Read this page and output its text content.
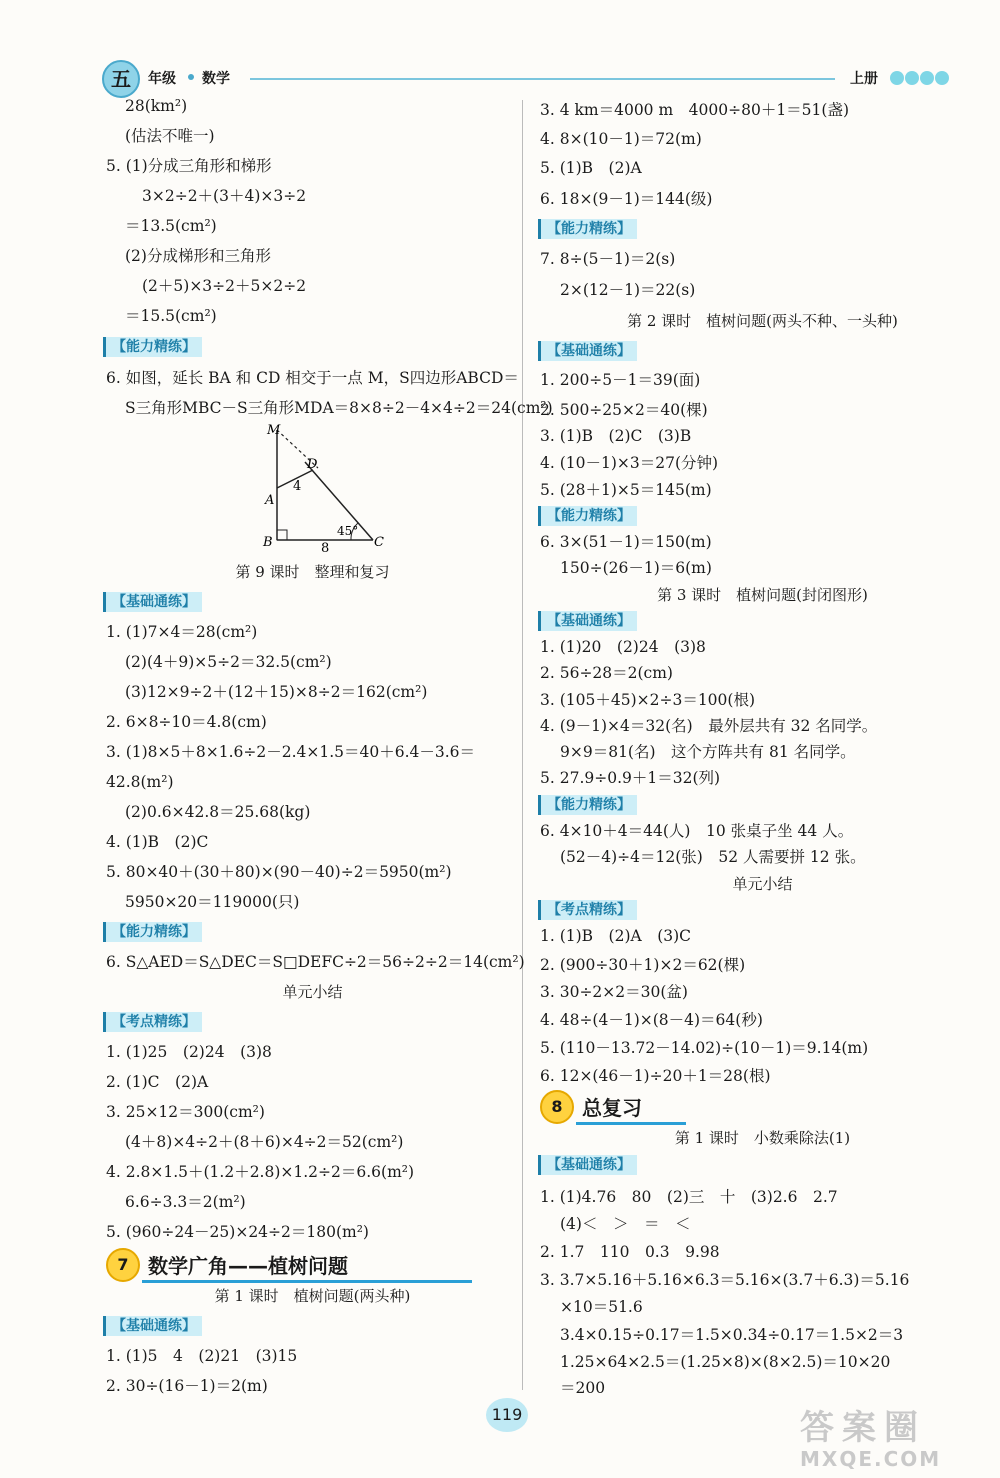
五	年级 数学	上册
28(km²)
(估法不唯一)
5. (1)分成三角形和梯形
3×2÷2＋(3＋4)×3÷2
＝13.5(cm²)
(2)分成梯形和三角形
(2＋5)×3÷2＋5×2÷2
＝15.5(cm²)
【能力精练】
6. 如图，延长 BA 和 CD 相交于一点 M，S四边形ABCD＝
S三角形MBC－S三角形MDA＝8×8÷2－4×4÷2＝24(cm²)
M
D
A
B	C
4
8
45°
第 9 课时　整理和复习
【基础通练】
1. (1)7×4＝28(cm²)
(2)(4＋9)×5÷2＝32.5(cm²)
(3)12×9÷2＋(12＋15)×8÷2＝162(cm²)
2. 6×8÷10＝4.8(cm)
3. (1)8×5＋8×1.6÷2－2.4×1.5＝40＋6.4－3.6＝
42.8(m²)
(2)0.6×42.8＝25.68(kg)
4. (1)B　(2)C
5. 80×40＋(30＋80)×(90－40)÷2＝5950(m²)
5950×20＝119000(只)
【能力精练】
6. S△AED＝S△DEC＝S□DEFC÷2＝56÷2÷2＝14(cm²)
单元小结
【考点精练】
1. (1)25　(2)24　(3)8
2. (1)C　(2)A
3. 25×12＝300(cm²)
(4＋8)×4÷2＋(8＋6)×4÷2＝52(cm²)
4. 2.8×1.5＋(1.2＋2.8)×1.2÷2＝6.6(m²)
6.6÷3.3＝2(m²)
5. (960÷24－25)×24÷2＝180(m²)
7 数学广角——植树问题
第 1 课时　植树问题(两头种)
【基础通练】
1. (1)5　4　(2)21　(3)15
2. 30÷(16－1)＝2(m)
3. 4 km＝4000 m　4000÷80＋1＝51(盏)
4. 8×(10－1)＝72(m)
5. (1)B　(2)A
6. 18×(9－1)＝144(级)
【能力精练】
7. 8÷(5－1)＝2(s)
2×(12－1)＝22(s)
第 2 课时　植树问题(两头不种、一头种)
【基础通练】
1. 200÷5－1＝39(面)
2. 500÷25×2＝40(棵)
3. (1)B　(2)C　(3)B
4. (10－1)×3＝27(分钟)
5. (28＋1)×5＝145(m)
【能力精练】
6. 3×(51－1)＝150(m)
150÷(26－1)＝6(m)
第 3 课时　植树问题(封闭图形)
【基础通练】
1. (1)20　(2)24　(3)8
2. 56÷28＝2(cm)
3. (105＋45)×2÷3＝100(根)
4. (9－1)×4＝32(名)　最外层共有 32 名同学。
9×9＝81(名)　这个方阵共有 81 名同学。
5. 27.9÷0.9＋1＝32(列)
【能力精练】
6. 4×10＋4＝44(人)　10 张桌子坐 44 人。
(52－4)÷4＝12(张)　52 人需要拼 12 张。
单元小结
【考点精练】
1. (1)B　(2)A　(3)C
2. (900÷30＋1)×2＝62(棵)
3. 30÷2×2＝30(盆)
4. 48÷(4－1)×(8－4)＝64(秒)
5. (110－13.72－14.02)÷(10－1)＝9.14(m)
6. 12×(46－1)÷20＋1＝28(根)
8 总复习
第 1 课时　小数乘除法(1)
【基础通练】
1. (1)4.76　80　(2)三　十　(3)2.6　2.7
(4)＜　＞　＝　＜
2. 1.7　110　0.3　9.98
3. 3.7×5.16＋5.16×6.3＝5.16×(3.7＋6.3)＝5.16
×10＝51.6
3.4×0.15÷0.17＝1.5×0.34÷0.17＝1.5×2＝3
1.25×64×2.5＝(1.25×8)×(8×2.5)＝10×20
＝200
119	答案圈
MXQE.COM
